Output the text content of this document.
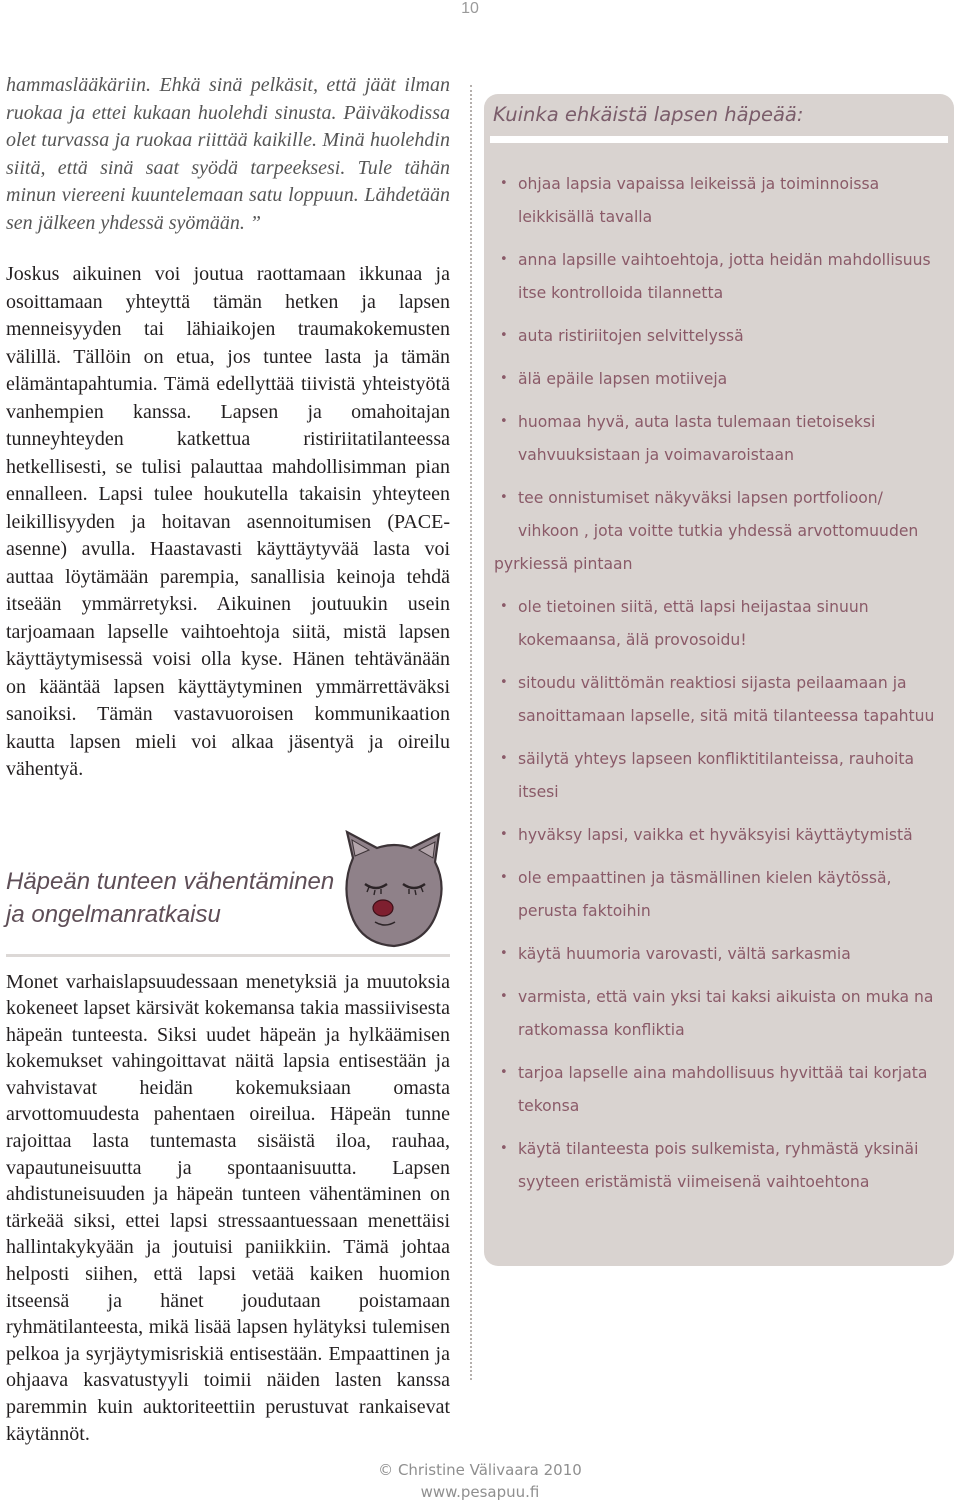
10

hammaslääkäriin. Ehkä sinä pelkäsit, että jäät ilman ruokaa ja ettei kukaan huolehdi sinusta. Päiväkodissa olet turvassa ja ruokaa riittää kaikille. Minä huolehdin siitä, että sinä saat syödä tarpeeksesi. Tule tähän minun viereeni kuuntelemaan satu loppuun. Lähdetään sen jälkeen yhdessä syömään. ”

Joskus aikuinen voi joutua raottamaan ikkunaa ja osoittamaan yhteyttä tämän hetken ja lapsen menneisyyden tai lähiaikojen traumakokemusten välillä. Tällöin on etua, jos tuntee lasta ja tämän elämäntapahtumia. Tämä edellyttää tiivistä yhteistyötä vanhempien kanssa. Lapsen ja omahoitajan tunneyhteyden katkettua ristiriitatilanteessa hetkellisesti, se tulisi palauttaa mahdollisimman pian ennalleen. Lapsi tulee houkutella takaisin yhteyteen leikillisyyden ja hoitavan asennoitumisen (PACE- asenne) avulla. Haastavasti käyttäytyvää lasta voi auttaa löytämään parempia, sanallisia keinoja tehdä itseään ymmärretyksi. Aikuinen joutuukin usein tarjoamaan lapselle vaihtoehtoja siitä, mistä lapsen käyttäytymisessä voisi olla kyse. Hänen tehtävänään on kääntää lapsen käyttäytyminen ymmärrettäväksi sanoiksi. Tämän vastavuoroisen kommunikaation kautta lapsen mieli voi alkaa jäsentyä ja oireilu vähentyä.

Häpeän tunteen vähentäminen
ja ongelmanratkaisu

Monet varhaislapsuudessaan menetyksiä ja muutoksia kokeneet lapset kärsivät kokemansa takia massiivisesta häpeän tunteesta. Siksi uudet häpeän ja hylkäämisen kokemukset vahingoittavat näitä lapsia entisestään ja vahvistavat heidän kokemuksiaan omasta arvottomuudesta pahentaen oireilua. Häpeän tunne rajoittaa lasta tuntemasta sisäistä iloa, rauhaa, vapautuneisuutta ja spontaanisuutta. Lapsen ahdistuneisuuden ja häpeän tunteen vähentäminen on tärkeää siksi, ettei lapsi stressaantuessaan menettäisi hallintakykyään ja joutuisi paniikkiin. Tämä johtaa helposti siihen, että lapsi vetää kaiken huomion itseensä ja hänet joudutaan poistamaan ryhmätilanteesta, mikä lisää lapsen hylätyksi tulemisen pelkoa ja syrjäytymisriskiä entisestään. Empaattinen ja ohjaava kasvatustyyli toimii näiden lasten kanssa paremmin kuin auktoriteettiin perustuvat rankaisevat käytännöt.

Kuinka ehkäistä lapsen häpeää:
• ohjaa lapsia vapaissa leikeissä ja toiminnoissa leikkisällä tavalla
• anna lapsille vaihtoehtoja, jotta heidän mahdollisuus itse kontrolloida tilannetta
• auta ristiriitojen selvittelyssä
• älä epäile lapsen motiiveja
• huomaa hyvä, auta lasta tulemaan tietoiseksi vahvuuksistaan ja voimavaroistaan
• tee onnistumiset näkyväksi lapsen portfolioon/ vihkoon , jota voitte tutkia yhdessä arvottomuuden
pyrkiessä pintaan
• ole tietoinen siitä, että lapsi heijastaa sinuun kokemaansa, älä provosoidu!
• sitoudu välittömän reaktiosi sijasta peilaamaan ja sanoittamaan lapselle, sitä mitä tilanteessa tapahtuu
• säilytä yhteys lapseen konfliktitilanteissa, rauhoita itsesi
• hyväksy lapsi, vaikka et hyväksyisi käyttäytymistä
• ole empaattinen ja täsmällinen kielen käytössä, perusta faktoihin
• käytä huumoria varovasti, vältä sarkasmia
• varmista, että vain yksi tai kaksi aikuista on muka na ratkomassa konfliktia
• tarjoa lapselle aina mahdollisuus hyvittää tai korjata tekonsa
• käytä tilanteesta pois sulkemista, ryhmästä yksinäi syyteen eristämistä viimeisenä vaihtoehtona
© Christine Välivaara 2010
www.pesapuu.fi
